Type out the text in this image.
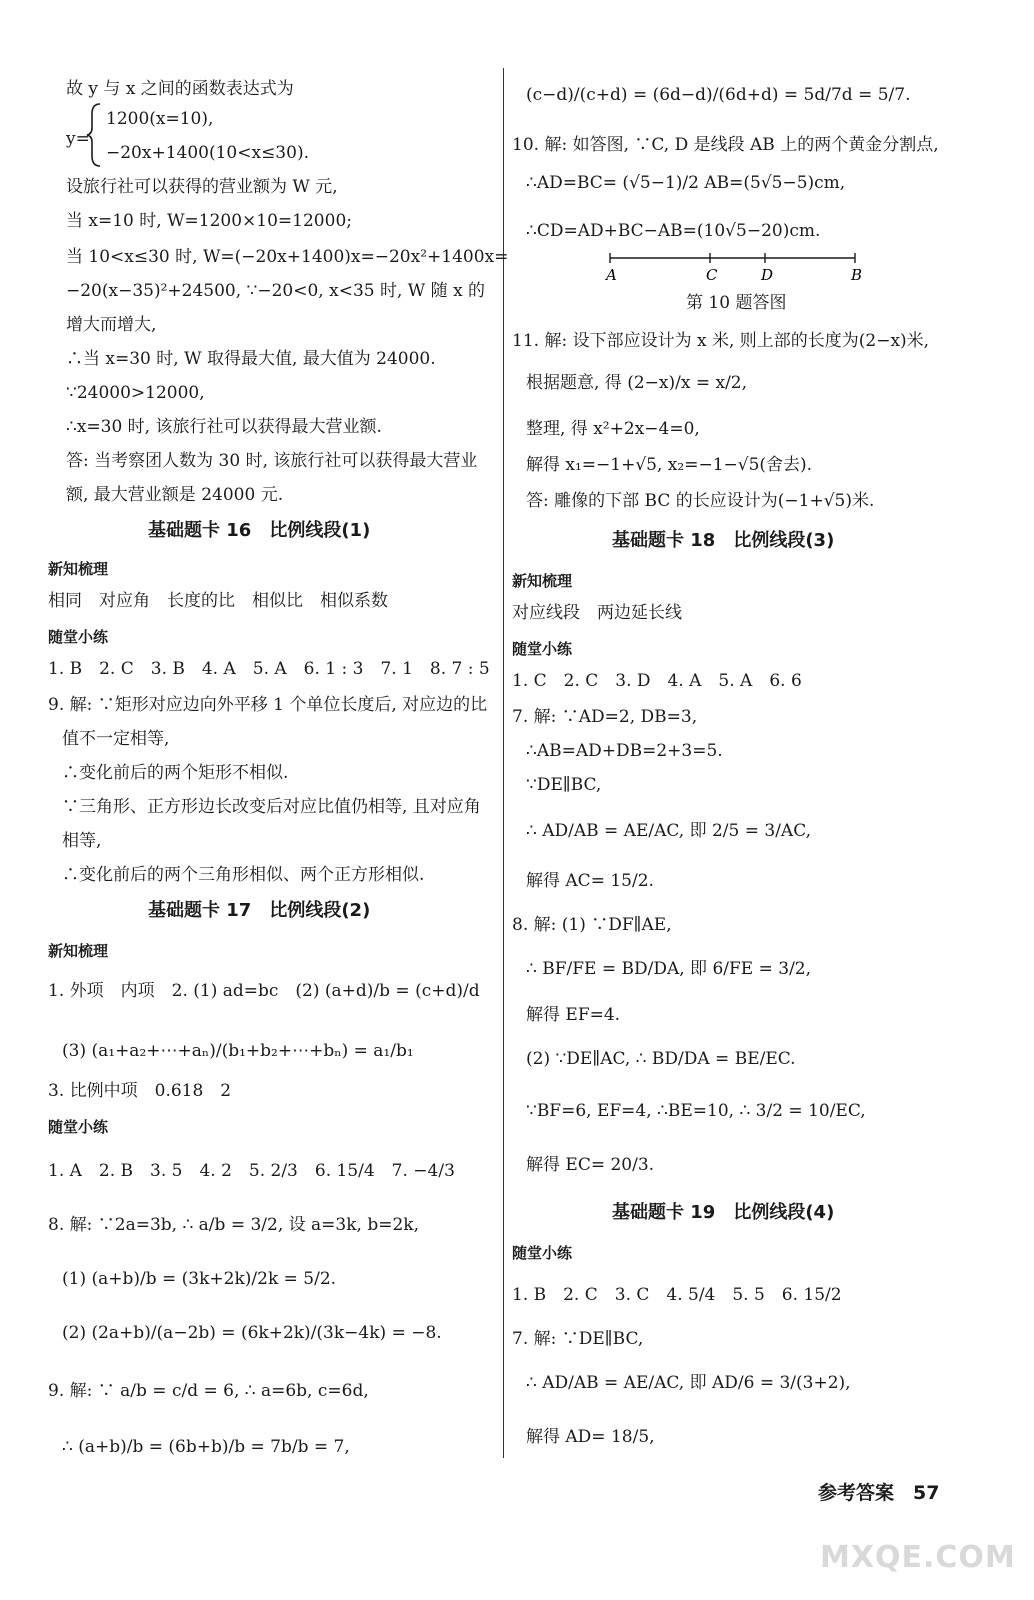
故 y 与 x 之间的函数表达式为
1200(x=10),
y=
−20x+1400(10<x≤30).
设旅行社可以获得的营业额为 W 元,
当 x=10 时, W=1200×10=12000;
当 10<x≤30 时, W=(−20x+1400)x=−20x²+1400x=
−20(x−35)²+24500, ∵−20<0, x<35 时, W 随 x 的
增大而增大,
∴当 x=30 时, W 取得最大值, 最大值为 24000.
∵24000>12000,
∴x=30 时, 该旅行社可以获得最大营业额.
答: 当考察团人数为 30 时, 该旅行社可以获得最大营业
额, 最大营业额是 24000 元.
基础题卡 16　比例线段(1)
新知梳理
相同　对应角　长度的比　相似比　相似系数
随堂小练
1. B　2. C　3. B　4. A　5. A　6. 1 : 3　7. 1　8. 7 : 5
9. 解: ∵矩形对应边向外平移 1 个单位长度后, 对应边的比
值不一定相等,
∴变化前后的两个矩形不相似.
∵三角形、正方形边长改变后对应比值仍相等, 且对应角
相等,
∴变化前后的两个三角形相似、两个正方形相似.
基础题卡 17　比例线段(2)
新知梳理
1. 外项　内项　2. (1) ad=bc　(2) (a+d)/b = (c+d)/d
(3) (a₁+a₂+⋯+aₙ)/(b₁+b₂+⋯+bₙ) = a₁/b₁
3. 比例中项　0.618　2
随堂小练
1. A　2. B　3. 5　4. 2　5. 2/3　6. 15/4　7. −4/3
8. 解: ∵2a=3b, ∴ a/b = 3/2, 设 a=3k, b=2k,
(1) (a+b)/b = (3k+2k)/2k = 5/2.
(2) (2a+b)/(a−2b) = (6k+2k)/(3k−4k) = −8.
9. 解: ∵ a/b = c/d = 6, ∴ a=6b, c=6d,
∴ (a+b)/b = (6b+b)/b = 7b/b = 7,
(c−d)/(c+d) = (6d−d)/(6d+d) = 5d/7d = 5/7.
10. 解: 如答图, ∵C, D 是线段 AB 上的两个黄金分割点,
∴AD=BC= (√5−1)/2 AB=(5√5−5)cm,
∴CD=AD+BC−AB=(10√5−20)cm.
第 10 题答图
11. 解: 设下部应设计为 x 米, 则上部的长度为(2−x)米,
根据题意, 得 (2−x)/x = x/2,
整理, 得 x²+2x−4=0,
解得 x₁=−1+√5, x₂=−1−√5(舍去).
答: 雕像的下部 BC 的长应设计为(−1+√5)米.
基础题卡 18　比例线段(3)
新知梳理
对应线段　两边延长线
随堂小练
1. C　2. C　3. D　4. A　5. A　6. 6
7. 解: ∵AD=2, DB=3,
∴AB=AD+DB=2+3=5.
∵DE∥BC,
∴ AD/AB = AE/AC, 即 2/5 = 3/AC,
解得 AC= 15/2.
8. 解: (1) ∵DF∥AE,
∴ BF/FE = BD/DA, 即 6/FE = 3/2,
解得 EF=4.
(2) ∵DE∥AC, ∴ BD/DA = BE/EC.
∵BF=6, EF=4, ∴BE=10, ∴ 3/2 = 10/EC,
解得 EC= 20/3.
基础题卡 19　比例线段(4)
随堂小练
1. B　2. C　3. C　4. 5/4　5. 5　6. 15/2
7. 解: ∵DE∥BC,
∴ AD/AB = AE/AC, 即 AD/6 = 3/(3+2),
解得 AD= 18/5,
A	C	D	B
参考答案　57
MXQE.COM
